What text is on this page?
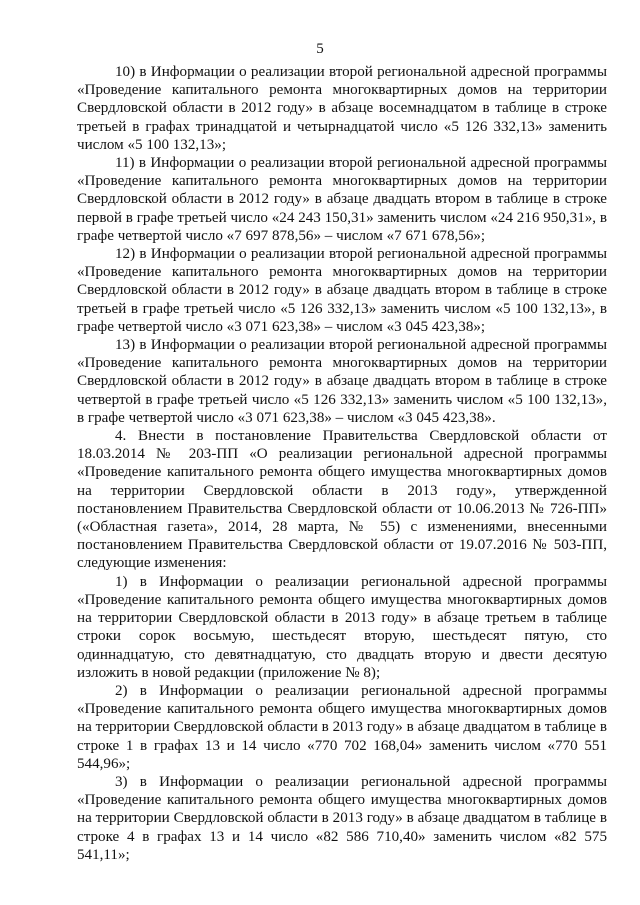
5

10) в Информации о реализации второй региональной адресной программы «Проведение капитального ремонта многоквартирных домов на территории Свердловской области в 2012 году» в абзаце восемнадцатом в таблице в строке третьей в графах тринадцатой и четырнадцатой число «5 126 332,13» заменить числом «5 100 132,13»;

11) в Информации о реализации второй региональной адресной программы «Проведение капитального ремонта многоквартирных домов на территории Свердловской области в 2012 году» в абзаце двадцать втором в таблице в строке первой в графе третьей число «24 243 150,31» заменить числом «24 216 950,31», в графе четвертой число «7 697 878,56» – числом «7 671 678,56»;

12) в Информации о реализации второй региональной адресной программы «Проведение капитального ремонта многоквартирных домов на территории Свердловской области в 2012 году» в абзаце двадцать втором в таблице в строке третьей в графе третьей число «5 126 332,13» заменить числом «5 100 132,13», в графе четвертой число «3 071 623,38» – числом «3 045 423,38»;

13) в Информации о реализации второй региональной адресной программы «Проведение капитального ремонта многоквартирных домов на территории Свердловской области в 2012 году» в абзаце двадцать втором в таблице в строке четвертой в графе третьей число «5 126 332,13» заменить числом «5 100 132,13», в графе четвертой число «3 071 623,38» – числом «3 045 423,38».

4. Внести в постановление Правительства Свердловской области от 18.03.2014 № 203-ПП «О реализации региональной адресной программы «Проведение капитального ремонта общего имущества многоквартирных домов на территории Свердловской области в 2013 году», утвержденной постановлением Правительства Свердловской области от 10.06.2013 № 726-ПП» («Областная газета», 2014, 28 марта, № 55) с изменениями, внесенными постановлением Правительства Свердловской области от 19.07.2016 № 503-ПП, следующие изменения:

1) в Информации о реализации региональной адресной программы «Проведение капитального ремонта общего имущества многоквартирных домов на территории Свердловской области в 2013 году» в абзаце третьем в таблице строки сорок восьмую, шестьдесят вторую, шестьдесят пятую, сто одиннадцатую, сто девятнадцатую, сто двадцать вторую и двести десятую изложить в новой редакции (приложение № 8);

2) в Информации о реализации региональной адресной программы «Проведение капитального ремонта общего имущества многоквартирных домов на территории Свердловской области в 2013 году» в абзаце двадцатом в таблице в строке 1 в графах 13 и 14 число «770 702 168,04» заменить числом «770 551 544,96»;

3) в Информации о реализации региональной адресной программы «Проведение капитального ремонта общего имущества многоквартирных домов на территории Свердловской области в 2013 году» в абзаце двадцатом в таблице в строке 4 в графах 13 и 14 число «82 586 710,40» заменить числом «82 575 541,11»;
